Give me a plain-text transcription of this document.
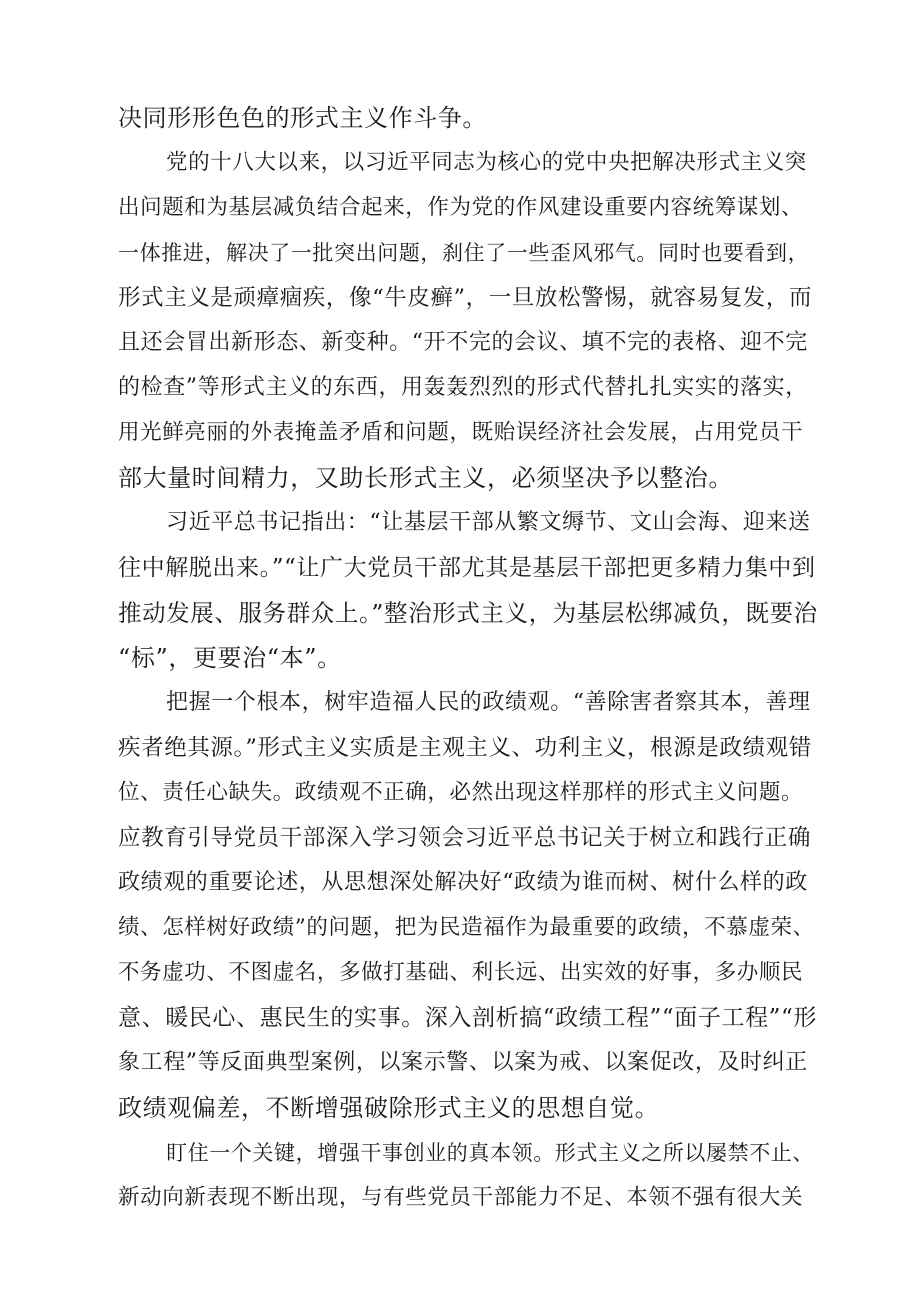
决同形形色色的形式主义作斗争。
党的十八大以来，以习近平同志为核心的党中央把解决形式主义突
出问题和为基层减负结合起来，作为党的作风建设重要内容统筹谋划、
一体推进，解决了一批突出问题，刹住了一些歪风邪气。同时也要看到，
形式主义是顽瘴痼疾，像“牛皮癣”，一旦放松警惕，就容易复发，而
且还会冒出新形态、新变种。“开不完的会议、填不完的表格、迎不完
的检查”等形式主义的东西，用轰轰烈烈的形式代替扎扎实实的落实，
用光鲜亮丽的外表掩盖矛盾和问题，既贻误经济社会发展，占用党员干
部大量时间精力，又助长形式主义，必须坚决予以整治。
习近平总书记指出：“让基层干部从繁文缛节、文山会海、迎来送
往中解脱出来。”“让广大党员干部尤其是基层干部把更多精力集中到
推动发展、服务群众上。”整治形式主义，为基层松绑减负，既要治
“标”，更要治“本”。
把握一个根本，树牢造福人民的政绩观。“善除害者察其本，善理
疾者绝其源。”形式主义实质是主观主义、功利主义，根源是政绩观错
位、责任心缺失。政绩观不正确，必然出现这样那样的形式主义问题。
应教育引导党员干部深入学习领会习近平总书记关于树立和践行正确
政绩观的重要论述，从思想深处解决好“政绩为谁而树、树什么样的政
绩、怎样树好政绩”的问题，把为民造福作为最重要的政绩，不慕虚荣、
不务虚功、不图虚名，多做打基础、利长远、出实效的好事，多办顺民
意、暖民心、惠民生的实事。深入剖析搞“政绩工程”“面子工程”“形
象工程”等反面典型案例，以案示警、以案为戒、以案促改，及时纠正
政绩观偏差，不断增强破除形式主义的思想自觉。
盯住一个关键，增强干事创业的真本领。形式主义之所以屡禁不止、
新动向新表现不断出现，与有些党员干部能力不足、本领不强有很大关
